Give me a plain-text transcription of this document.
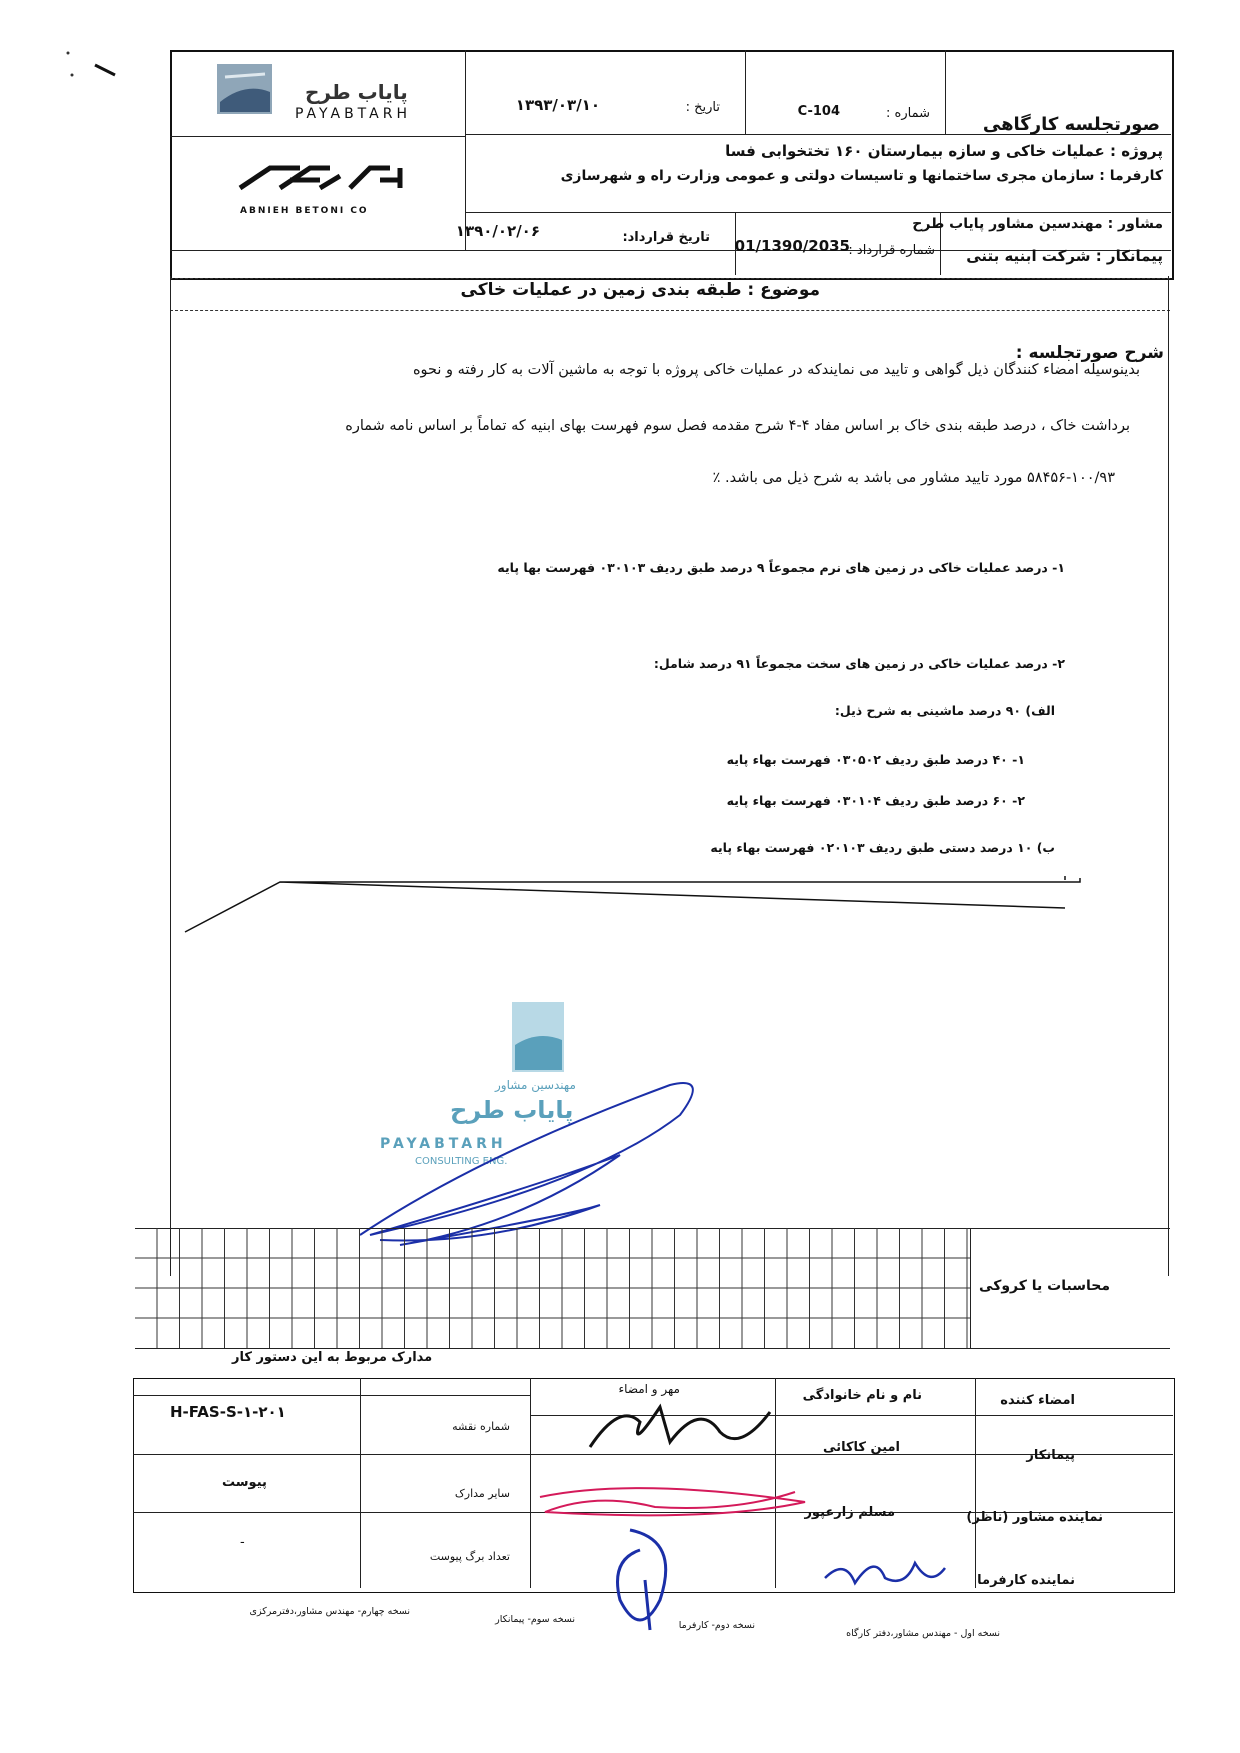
پایاب طرح
PAYABTARH
ABNIEH BETONI CO
صورتجلسه کارگاهی
شماره :
C-104
تاریخ :
۱۳۹۳/۰۳/۱۰
پروژه : عملیات خاکی و سازه بیمارستان ۱۶۰ تختخوابی فسا
کارفرما : سازمان مجری ساختمانها و تاسیسات دولتی و عمومی وزارت راه و شهرسازی
مشاور : مهندسین مشاور پایاب طرح
پیمانکار : شرکت ابنیه بتنی
شماره قرارداد :
01/1390/2035
تاریخ قرارداد:
۱۳۹۰/۰۲/۰۶
موضوع : طبقه بندی زمین در عملیات خاکی
شرح صورتجلسه :
بدینوسیله امضاء کنندگان ذیل گواهی و تایید می نمایندکه در عملیات خاکی پروژه با توجه به ماشین آلات به کار رفته و نحوه
برداشت خاک ، درصد طبقه بندی خاک بر اساس مفاد ۴-۴ شرح مقدمه فصل سوم فهرست بهای ابنیه که تماماً بر اساس نامه شماره
۵۸۴۵۶-۱۰۰/۹۳ مورد تایید مشاور می باشد به شرح ذیل می باشد. ٪
۱- درصد عملیات خاکی در زمین های نرم مجموعاً ۹ درصد طبق ردیف ۰۳۰۱۰۳ فهرست بها پایه
۲- درصد عملیات خاکی در زمین های سخت مجموعاً ۹۱ درصد شامل:
الف) ۹۰ درصد ماشینی به شرح ذیل:
۱- ۴۰ درصد طبق ردیف ۰۳۰۵۰۲ فهرست بهاء پایه
۲- ۶۰ درصد طبق ردیف ۰۳۰۱۰۴ فهرست بهاء پایه
ب) ۱۰ درصد دستی طبق ردیف ۰۲۰۱۰۳ فهرست بهاء پایه
مهندسین مشاور
پایاب طرح
PAYABTARH
CONSULTING ENG.
محاسبات یا کروکی
امضاء کننده
نام و نام خانوادگی
مهر و امضاء
پیمانکار
امین کاکائی
نماینده مشاور (ناظر)
مسلم زارعپور
نماینده کارفرما
مدارک مربوط به این دستور کار
H-FAS-S-۱-۲۰۱
شماره نقشه
پیوست
سایر مدارک
-
تعداد برگ پیوست
نسخه اول - مهندس مشاور،دفتر کارگاه
نسخه دوم- کارفرما
نسخه سوم- پیمانکار
نسخه چهارم- مهندس مشاور،دفترمرکزی
